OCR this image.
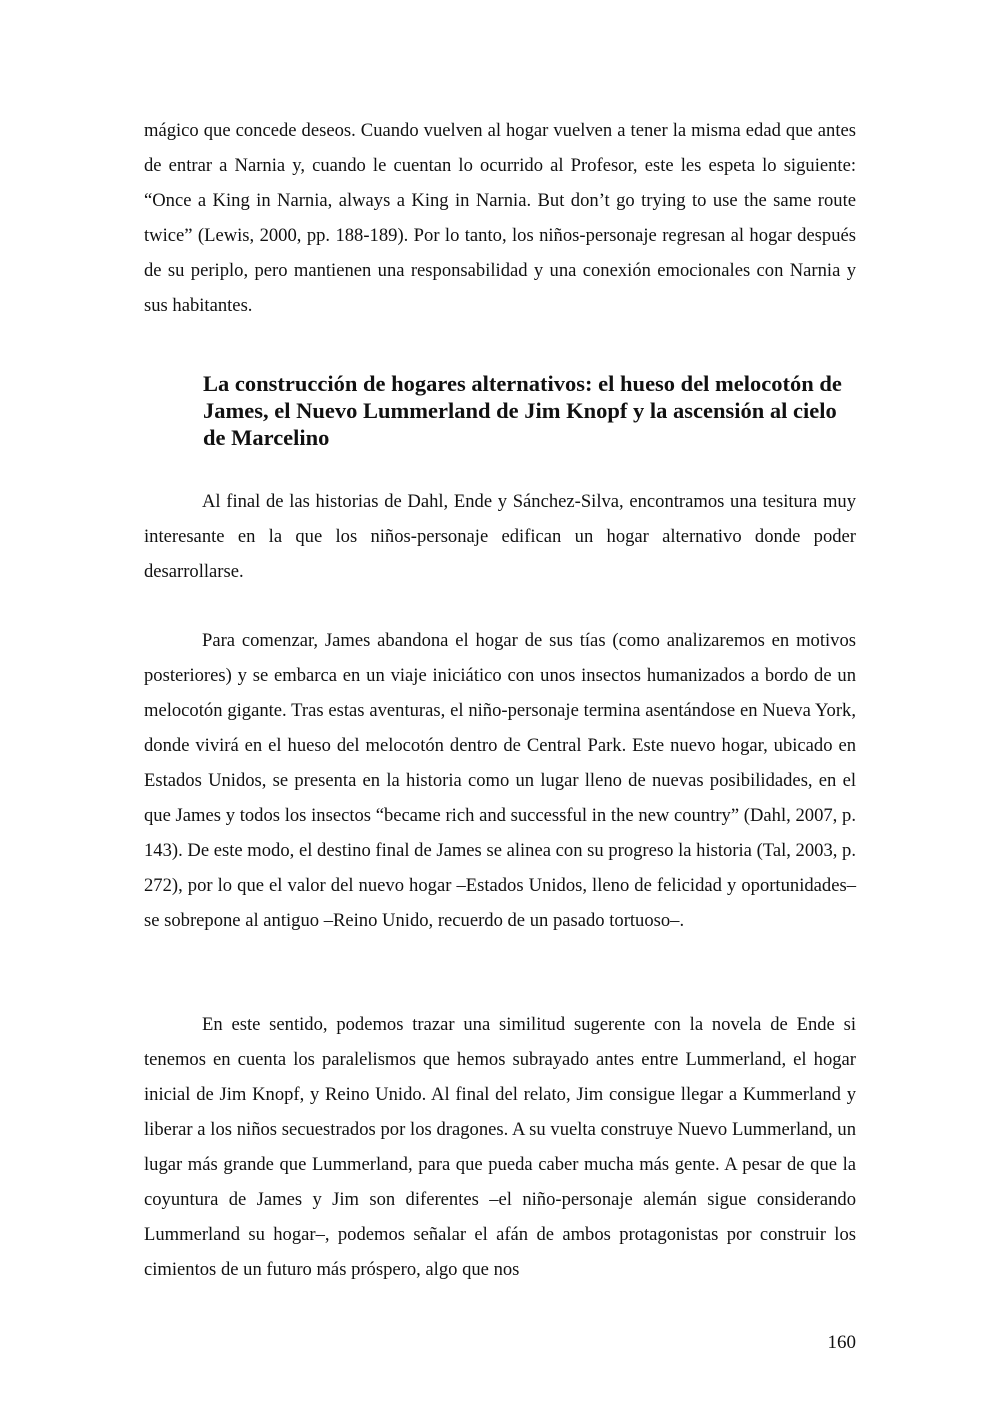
mágico que concede deseos. Cuando vuelven al hogar vuelven a tener la misma edad que antes de entrar a Narnia y, cuando le cuentan lo ocurrido al Profesor, este les espeta lo siguiente: “Once a King in Narnia, always a King in Narnia. But don’t go trying to use the same route twice” (Lewis, 2000, pp. 188-189). Por lo tanto, los niños-personaje regresan al hogar después de su periplo, pero mantienen una responsabilidad y una conexión emocionales con Narnia y sus habitantes.

La construcción de hogares alternativos: el hueso del melocotón de James, el Nuevo Lummerland de Jim Knopf y la ascensión al cielo de Marcelino

Al final de las historias de Dahl, Ende y Sánchez-Silva, encontramos una tesitura muy interesante en la que los niños-personaje edifican un hogar alternativo donde poder desarrollarse.

Para comenzar, James abandona el hogar de sus tías (como analizaremos en motivos posteriores) y se embarca en un viaje iniciático con unos insectos humanizados a bordo de un melocotón gigante. Tras estas aventuras, el niño-personaje termina asentándose en Nueva York, donde vivirá en el hueso del melocotón dentro de Central Park. Este nuevo hogar, ubicado en Estados Unidos, se presenta en la historia como un lugar lleno de nuevas posibilidades, en el que James y todos los insectos “became rich and successful in the new country” (Dahl, 2007, p. 143). De este modo, el destino final de James se alinea con su progreso la historia (Tal, 2003, p. 272), por lo que el valor del nuevo hogar –Estados Unidos, lleno de felicidad y oportunidades– se sobrepone al antiguo –Reino Unido, recuerdo de un pasado tortuoso–.

En este sentido, podemos trazar una similitud sugerente con la novela de Ende si tenemos en cuenta los paralelismos que hemos subrayado antes entre Lummerland, el hogar inicial de Jim Knopf, y Reino Unido. Al final del relato, Jim consigue llegar a Kummerland y liberar a los niños secuestrados por los dragones. A su vuelta construye Nuevo Lummerland, un lugar más grande que Lummerland, para que pueda caber mucha más gente. A pesar de que la coyuntura de James y Jim son diferentes –el niño-personaje alemán sigue considerando Lummerland su hogar–, podemos señalar el afán de ambos protagonistas por construir los cimientos de un futuro más próspero, algo que nos

160
